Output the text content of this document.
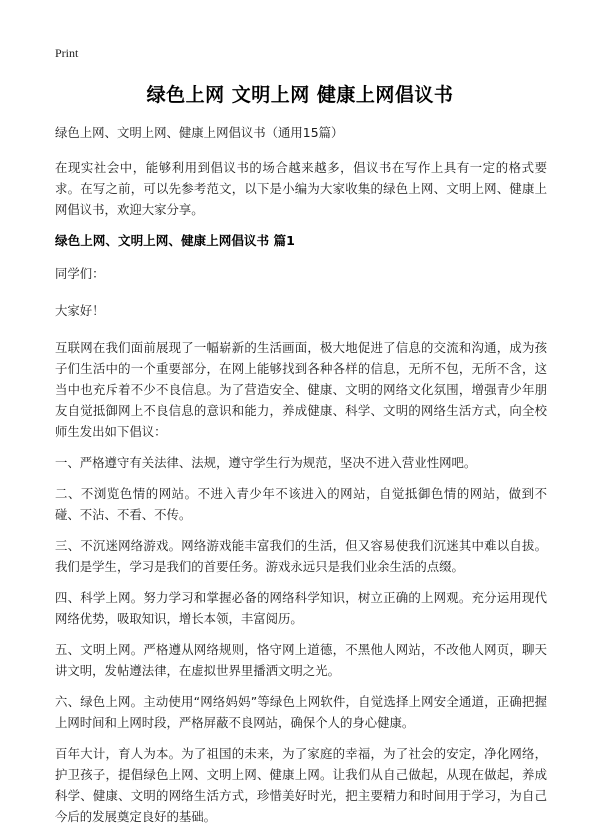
Print
绿色上网 文明上网 健康上网倡议书

绿色上网、文明上网、健康上网倡议书（通用15篇）

在现实社会中，能够利用到倡议书的场合越来越多，倡议书在写作上具有一定的格式要求。在写之前，可以先参考范文，以下是小编为大家收集的绿色上网、文明上网、健康上网倡议书，欢迎大家分享。

绿色上网、文明上网、健康上网倡议书 篇1

同学们：

大家好！

互联网在我们面前展现了一幅崭新的生活画面，极大地促进了信息的交流和沟通，成为孩子们生活中的一个重要部分，在网上能够找到各种各样的信息，无所不包，无所不含，这当中也充斥着不少不良信息。为了营造安全、健康、文明的网络文化氛围，增强青少年朋友自觉抵御网上不良信息的意识和能力，养成健康、科学、文明的网络生活方式，向全校师生发出如下倡议：

一、严格遵守有关法律、法规，遵守学生行为规范，坚决不进入营业性网吧。

二、不浏览色情的网站。不进入青少年不该进入的网站，自觉抵御色情的网站，做到不碰、不沾、不看、不传。

三、不沉迷网络游戏。网络游戏能丰富我们的生活，但又容易使我们沉迷其中难以自拔。我们是学生，学习是我们的首要任务。游戏永远只是我们业余生活的点缀。

四、科学上网。努力学习和掌握必备的网络科学知识，树立正确的上网观。充分运用现代网络优势，吸取知识，增长本领，丰富阅历。

五、文明上网。严格遵从网络规则，恪守网上道德，不黑他人网站，不改他人网页，聊天讲文明，发帖遵法律，在虚拟世界里播洒文明之光。

六、绿色上网。主动使用“网络妈妈”等绿色上网软件，自觉选择上网安全通道，正确把握上网时间和上网时段，严格屏蔽不良网站，确保个人的身心健康。

百年大计，育人为本。为了祖国的未来，为了家庭的幸福，为了社会的安定，净化网络，护卫孩子，提倡绿色上网、文明上网、健康上网。让我们从自己做起，从现在做起，养成科学、健康、文明的网络生活方式，珍惜美好时光，把主要精力和时间用于学习，为自己今后的发展奠定良好的基础。
